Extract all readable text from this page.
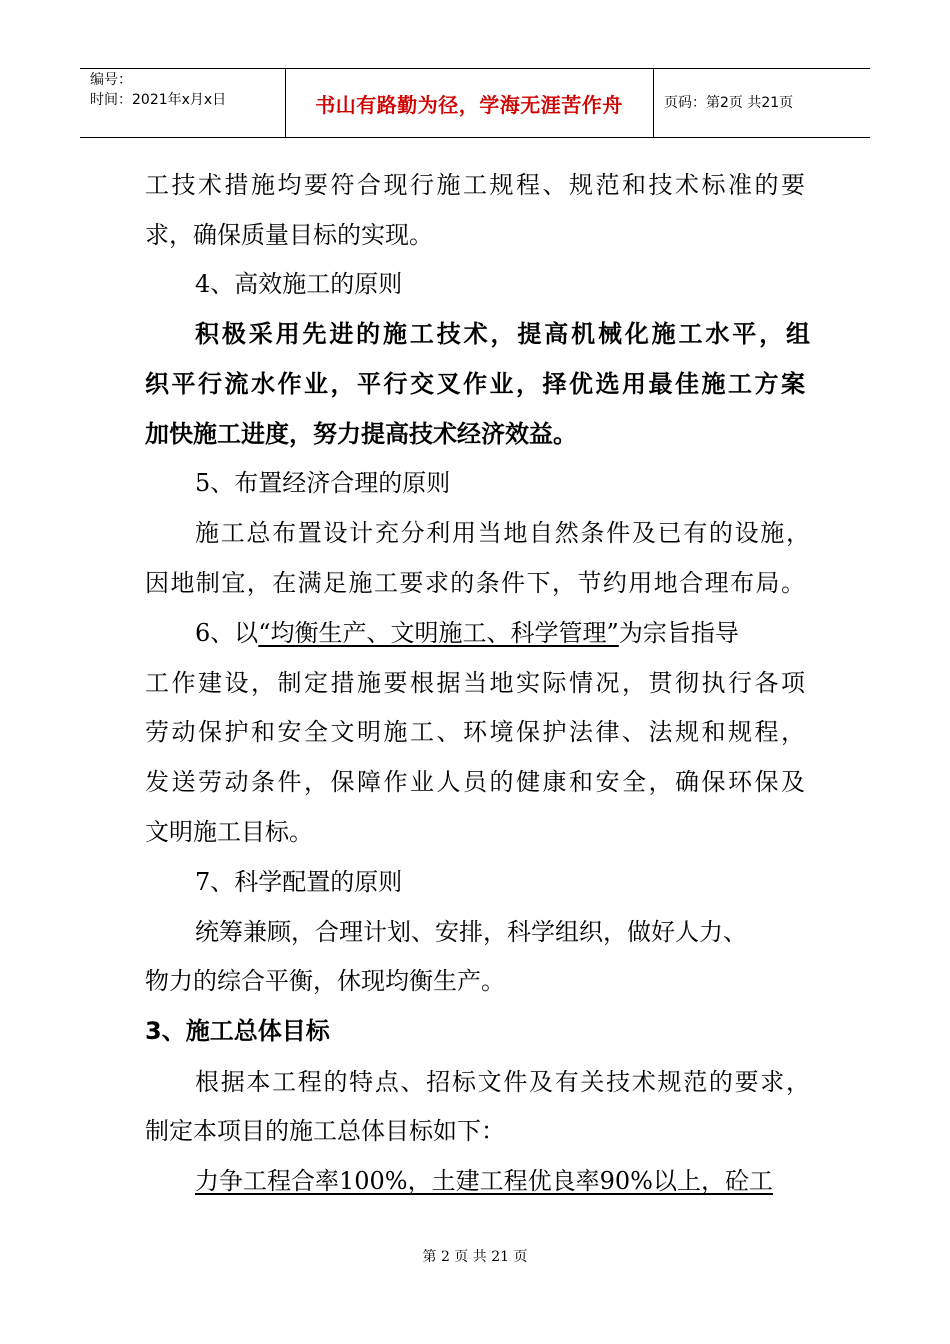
编号：
时间：2021年x月x日	书山有路勤为径，学海无涯苦作舟	页码：第2页 共21页
工技术措施均要符合现行施工规程、规范和技术标准的要
求，确保质量目标的实现。
4、高效施工的原则
积极采用先进的施工技术，提高机械化施工水平，组
织平行流水作业，平行交叉作业，择优选用最佳施工方案
加快施工进度，努力提高技术经济效益。
5、布置经济合理的原则
施工总布置设计充分利用当地自然条件及已有的设施，
因地制宜，在满足施工要求的条件下，节约用地合理布局。
6、以“均衡生产、文明施工、科学管理”为宗旨指导
工作建设，制定措施要根据当地实际情况，贯彻执行各项
劳动保护和安全文明施工、环境保护法律、法规和规程，
发送劳动条件，保障作业人员的健康和安全，确保环保及
文明施工目标。
7、科学配置的原则
统筹兼顾，合理计划、安排，科学组织，做好人力、
物力的综合平衡，休现均衡生产。
3、施工总体目标
根据本工程的特点、招标文件及有关技术规范的要求，
制定本项目的施工总体目标如下：
力争工程合率100%，土建工程优良率90%以上，砼工
第 2 页 共 21 页
